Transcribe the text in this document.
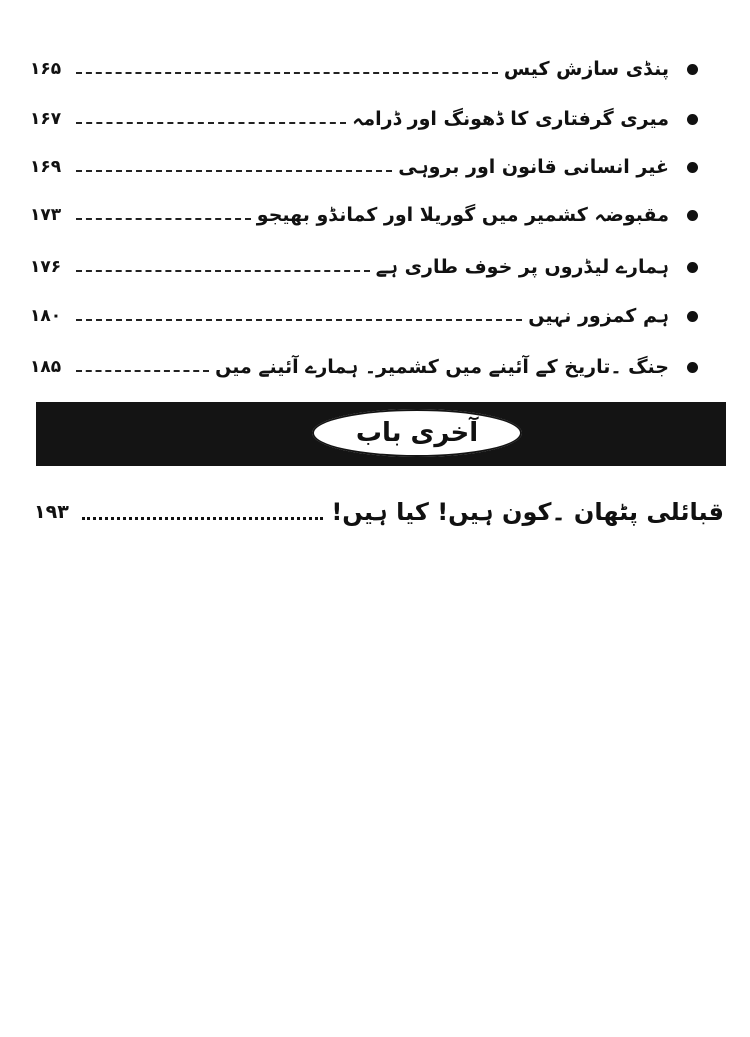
پنڈی سازش کیس
۱۶۵
میری گرفتاری کا ڈھونگ اور ڈرامہ
۱۶۷
غیر انسانی قانون اور بروہی
۱۶۹
مقبوضہ کشمیر میں گوریلا اور کمانڈو بھیجو
۱۷۳
ہمارے لیڈروں پر خوف طاری ہے
۱۷۶
ہم کمزور نہیں
۱۸۰
جنگ ۔تاریخ کے آئینے میں کشمیر۔ ہمارے آئینے میں
۱۸۵
آخری باب
قبائلی پٹھان ۔کون ہیں! کیا ہیں!
۱۹۳
